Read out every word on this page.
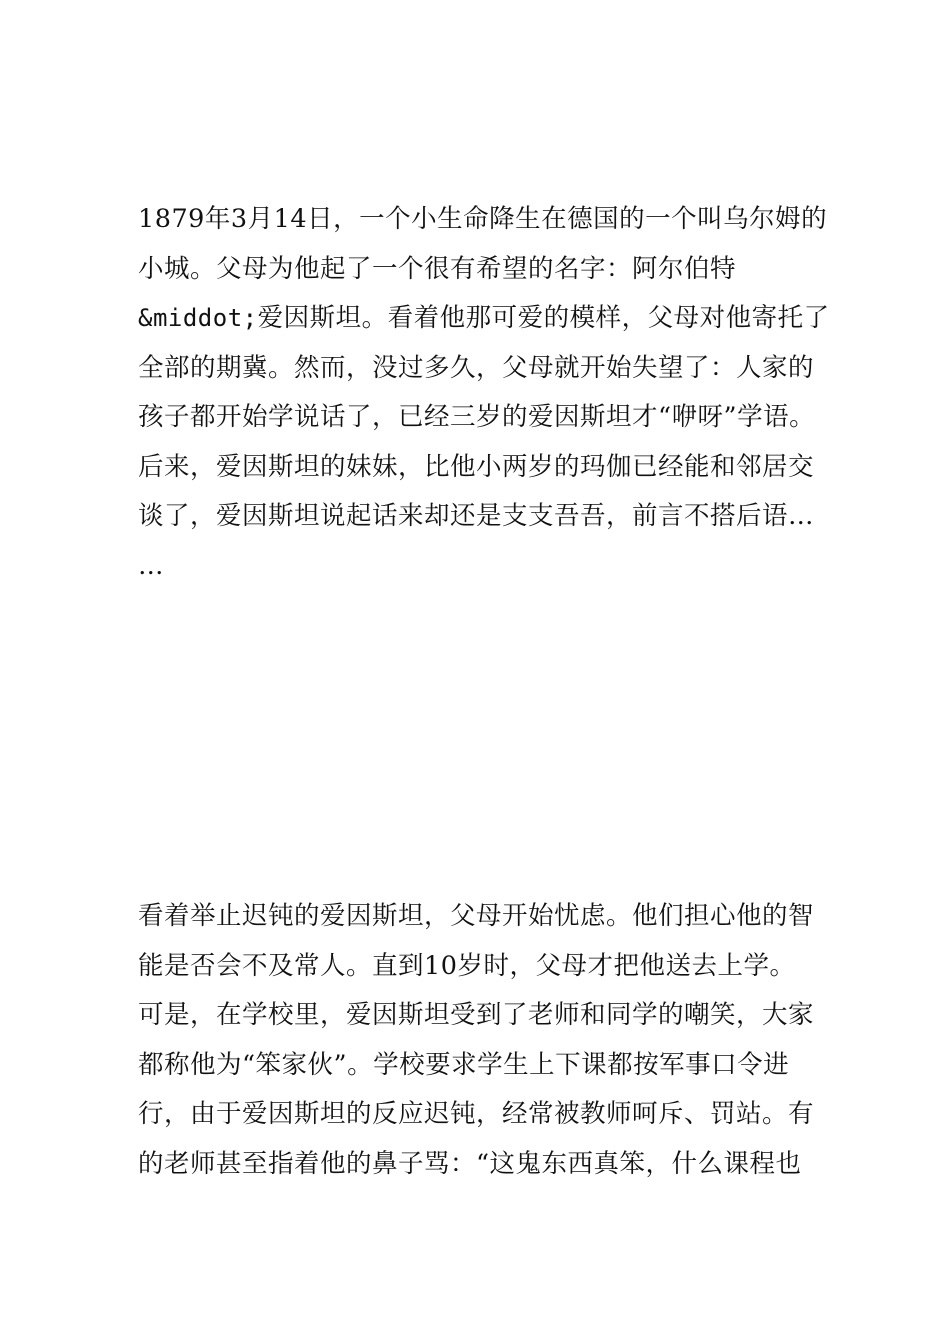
1879年3月14日，一个小生命降生在德国的一个叫乌尔姆的
小城。父母为他起了一个很有希望的名字：阿尔伯特
&middot;爱因斯坦。看着他那可爱的模样，父母对他寄托了
全部的期冀。然而，没过多久，父母就开始失望了：人家的
孩子都开始学说话了，已经三岁的爱因斯坦才“咿呀”学语。
后来，爱因斯坦的妹妹，比他小两岁的玛伽已经能和邻居交
谈了，爱因斯坦说起话来却还是支支吾吾，前言不搭后语…
…
看着举止迟钝的爱因斯坦，父母开始忧虑。他们担心他的智
能是否会不及常人。直到10岁时，父母才把他送去上学。
可是，在学校里，爱因斯坦受到了老师和同学的嘲笑，大家
都称他为“笨家伙”。学校要求学生上下课都按军事口令进
行，由于爱因斯坦的反应迟钝，经常被教师呵斥、罚站。有
的老师甚至指着他的鼻子骂：“这鬼东西真笨，什么课程也
